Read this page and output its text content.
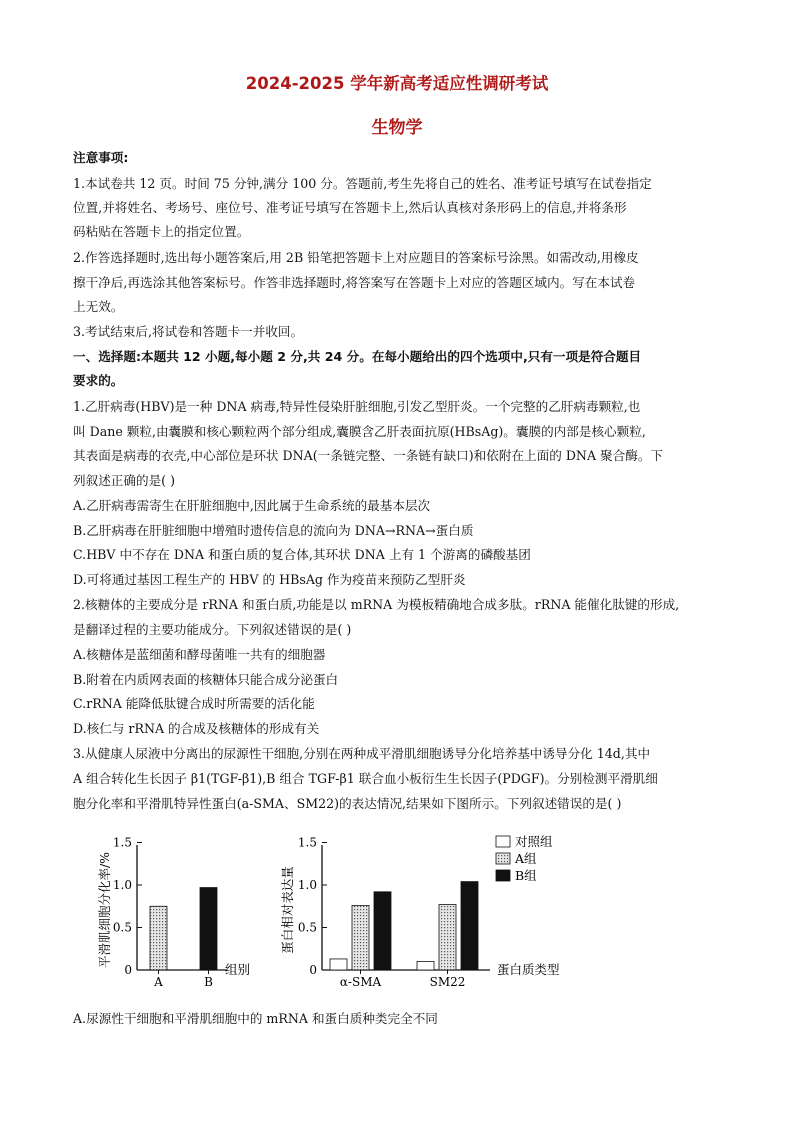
2024-2025 学年新高考适应性调研考试
生物学
注意事项:
1.本试卷共 12 页。时间 75 分钟,满分 100 分。答题前,考生先将自己的姓名、准考证号填写在试卷指定
位置,并将姓名、考场号、座位号、准考证号填写在答题卡上,然后认真核对条形码上的信息,并将条形
码粘贴在答题卡上的指定位置。
2.作答选择题时,选出每小题答案后,用 2B 铅笔把答题卡上对应题目的答案标号涂黑。如需改动,用橡皮
擦干净后,再选涂其他答案标号。作答非选择题时,将答案写在答题卡上对应的答题区域内。写在本试卷
上无效。
3.考试结束后,将试卷和答题卡一并收回。
一、选择题:本题共 12 小题,每小题 2 分,共 24 分。在每小题给出的四个选项中,只有一项是符合题目
要求的。
1.乙肝病毒(HBV)是一种 DNA 病毒,特异性侵染肝脏细胞,引发乙型肝炎。一个完整的乙肝病毒颗粒,也
叫 Dane 颗粒,由囊膜和核心颗粒两个部分组成,囊膜含乙肝表面抗原(HBsAg)。囊膜的内部是核心颗粒,
其表面是病毒的衣壳,中心部位是环状 DNA(一条链完整、一条链有缺口)和依附在上面的 DNA 聚合酶。下
列叙述正确的是( )
A.乙肝病毒需寄生在肝脏细胞中,因此属于生命系统的最基本层次
B.乙肝病毒在肝脏细胞中增殖时遗传信息的流向为 DNA→RNA→蛋白质
C.HBV 中不存在 DNA 和蛋白质的复合体,其环状 DNA 上有 1 个游离的磷酸基团
D.可将通过基因工程生产的 HBV 的 HBsAg 作为疫苗来预防乙型肝炎
2.核糖体的主要成分是 rRNA 和蛋白质,功能是以 mRNA 为模板精确地合成多肽。rRNA 能催化肽键的形成,
是翻译过程的主要功能成分。下列叙述错误的是( )
A.核糖体是蓝细菌和酵母菌唯一共有的细胞器
B.附着在内质网表面的核糖体只能合成分泌蛋白
C.rRNA 能降低肽键合成时所需要的活化能
D.核仁与 rRNA 的合成及核糖体的形成有关
3.从健康人尿液中分离出的尿源性干细胞,分别在两种成平滑肌细胞诱导分化培养基中诱导分化 14d,其中
A 组合转化生长因子 β1(TGF-β1),B 组合 TGF-β1 联合血小板衍生生长因子(PDGF)。分别检测平滑肌细
胞分化率和平滑肌特异性蛋白(a-SMA、SM22)的表达情况,结果如下图所示。下列叙述错误的是( )
0
0.5
1.0
1.5
平滑肌细胞分化率/%
组别
A	B
0
0.5
1.0
1.5
蛋白相对表达量
蛋白质类型
α-SMA	SM22
对照组
A组
B组
A.尿源性干细胞和平滑肌细胞中的 mRNA 和蛋白质种类完全不同
